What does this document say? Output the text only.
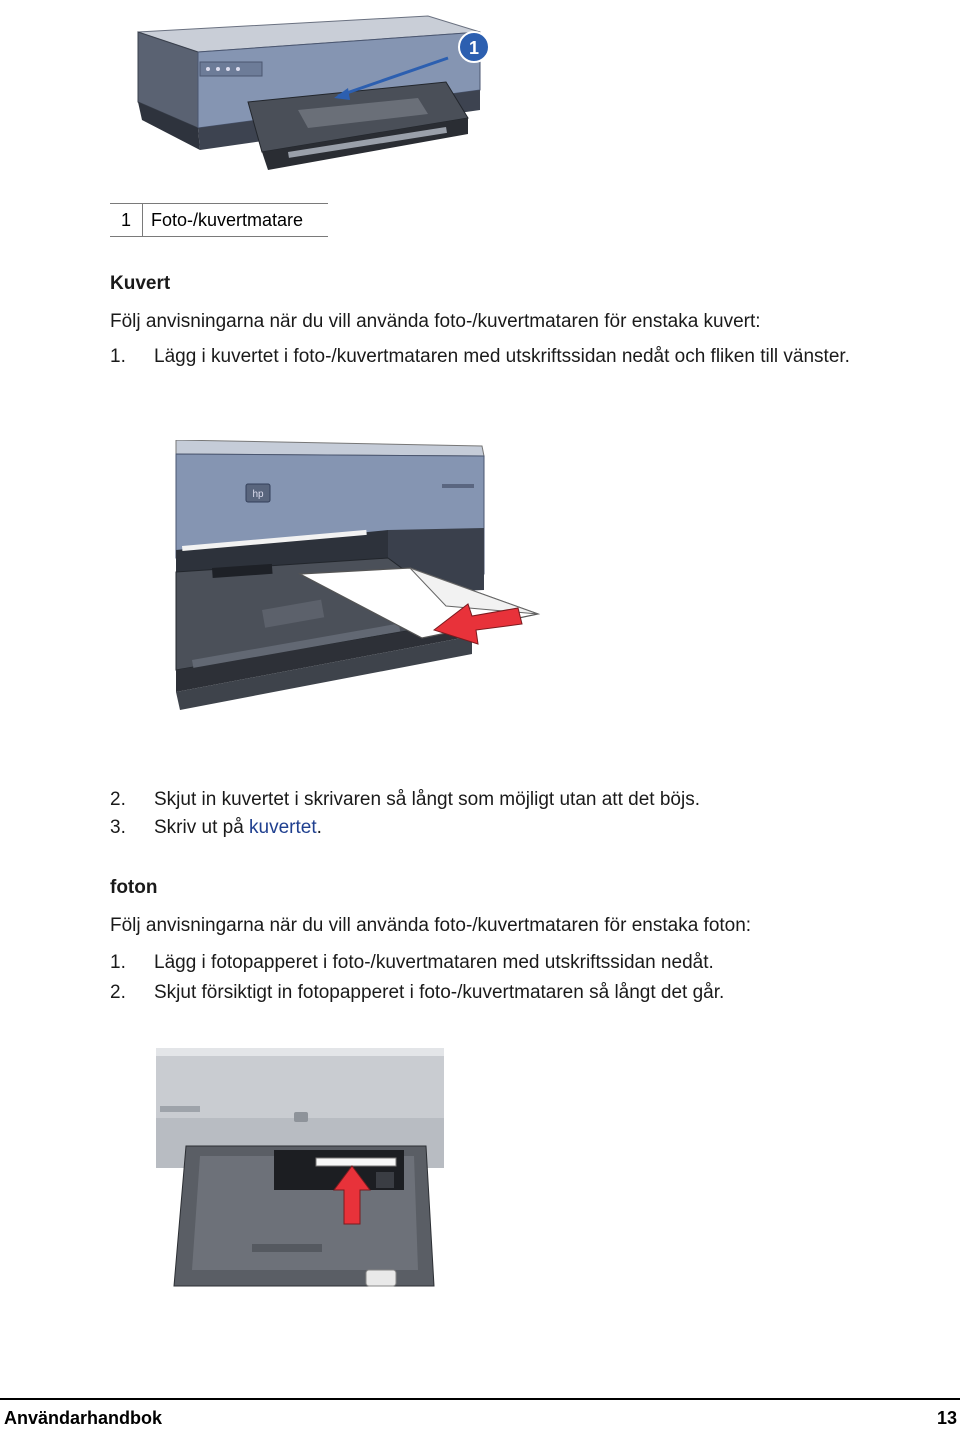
1
1	Foto-/kuvertmatare
Kuvert
Följ anvisningarna när du vill använda foto-/kuvertmataren för enstaka kuvert:
1. Lägg i kuvertet i foto-/kuvertmataren med utskriftssidan nedåt och fliken till vänster.
hp
2. Skjut in kuvertet i skrivaren så långt som möjligt utan att det böjs.
3. Skriv ut på kuvertet.
foton
Följ anvisningarna när du vill använda foto-/kuvertmataren för enstaka foton:
1. Lägg i fotopapperet i foto-/kuvertmataren med utskriftssidan nedåt.
2. Skjut försiktigt in fotopapperet i foto-/kuvertmataren så långt det går.
Användarhandbok	13
